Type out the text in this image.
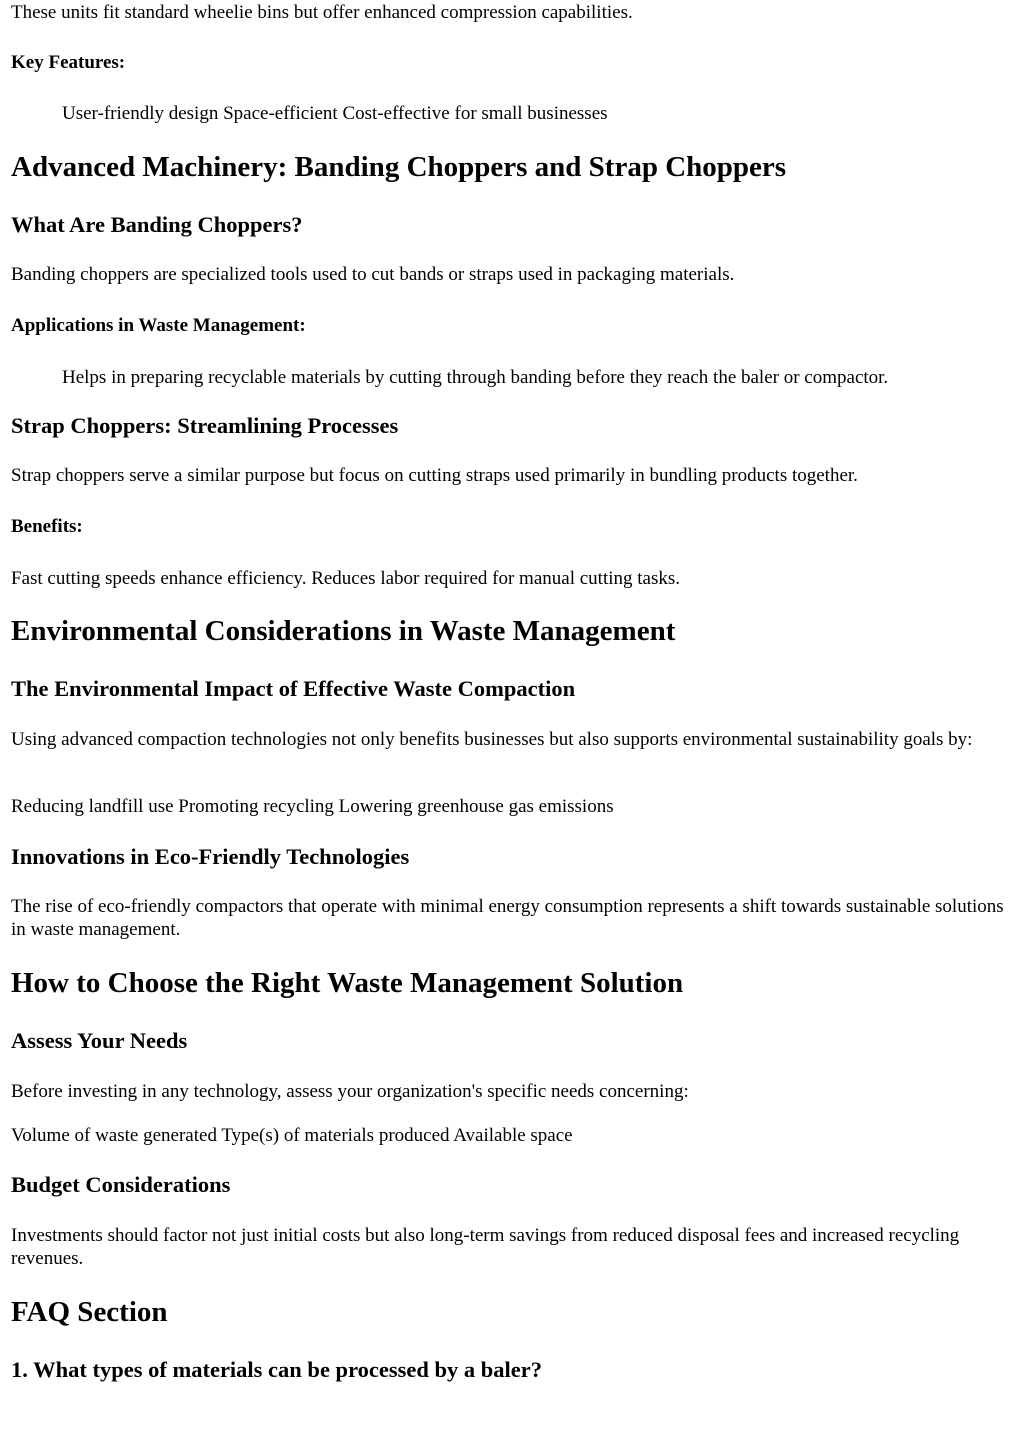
These units fit standard wheelie bins but offer enhanced compression capabilities.

Key Features:

User-friendly design Space-efficient Cost-effective for small businesses

Advanced Machinery: Banding Choppers and Strap Choppers
What Are Banding Choppers?

Banding choppers are specialized tools used to cut bands or straps used in packaging materials.

Applications in Waste Management:

Helps in preparing recyclable materials by cutting through banding before they reach the baler or compactor.

Strap Choppers: Streamlining Processes

Strap choppers serve a similar purpose but focus on cutting straps used primarily in bundling products together.

Benefits:

Fast cutting speeds enhance efficiency. Reduces labor required for manual cutting tasks.

Environmental Considerations in Waste Management
The Environmental Impact of Effective Waste Compaction

Using advanced compaction technologies not only benefits businesses but also supports environmental sustainability goals by:

Reducing landfill use Promoting recycling Lowering greenhouse gas emissions

Innovations in Eco-Friendly Technologies

The rise of eco-friendly compactors that operate with minimal energy consumption represents a shift towards sustainable solutions in waste management.

How to Choose the Right Waste Management Solution
Assess Your Needs

Before investing in any technology, assess your organization's specific needs concerning:

Volume of waste generated Type(s) of materials produced Available space

Budget Considerations

Investments should factor not just initial costs but also long-term savings from reduced disposal fees and increased recycling revenues.

FAQ Section
1. What types of materials can be processed by a baler?
